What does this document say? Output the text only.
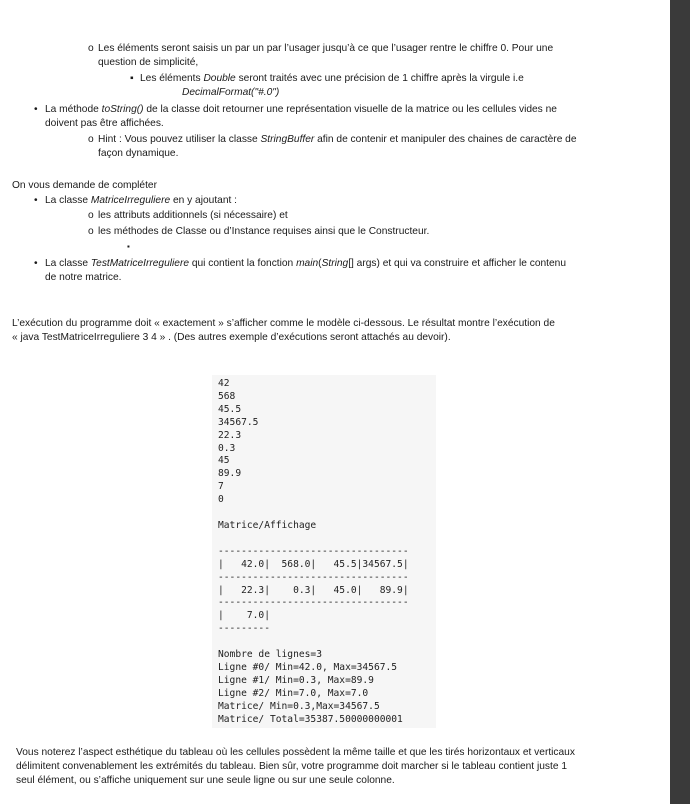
o Les éléments seront saisis un par un par l’usager jusqu’à ce que l’usager rentre le chiffre 0. Pour une
question de simplicité,
▪ Les éléments Double seront traités avec une précision de 1 chiffre après la virgule i.e
DecimalFormat("#.0")
• La méthode toString() de la classe doit retourner une représentation visuelle de la matrice ou les cellules vides ne
doivent pas être affichées.
o Hint : Vous pouvez utiliser la classe StringBuffer afin de contenir et manipuler des chaines de caractère de
façon dynamique.
On vous demande de compléter
• La classe MatriceIrreguliere en y ajoutant :
o les attributs additionnels (si nécessaire) et
o les méthodes de Classe ou d’Instance requises ainsi que le Constructeur.
▪
• La classe TestMatriceIrreguliere qui contient la fonction main(String[] args) et qui va construire et afficher le contenu
de notre matrice.
L’exécution du programme doit « exactement » s’afficher comme le modèle ci-dessous. Le résultat montre l’exécution de
« java TestMatriceIrreguliere 3 4 » . (Des autres exemple d’exécutions seront attachés au devoir).
42
568
45.5
34567.5
22.3
0.3
45
89.9
7
0

Matrice/Affichage

---------------------------------
|   42.0|  568.0|   45.5|34567.5|
---------------------------------
|   22.3|    0.3|   45.0|   89.9|
---------------------------------
|    7.0|
---------

Nombre de lignes=3
Ligne #0/ Min=42.0, Max=34567.5
Ligne #1/ Min=0.3, Max=89.9
Ligne #2/ Min=7.0, Max=7.0
Matrice/ Min=0.3,Max=34567.5
Matrice/ Total=35387.50000000001
Vous noterez l’aspect esthétique du tableau où les cellules possèdent la même taille et que les tirés horizontaux et verticaux
délimitent convenablement les extrémités du tableau. Bien sûr, votre programme doit marcher si le tableau contient juste 1
seul élément, ou s’affiche uniquement sur une seule ligne ou sur une seule colonne.
